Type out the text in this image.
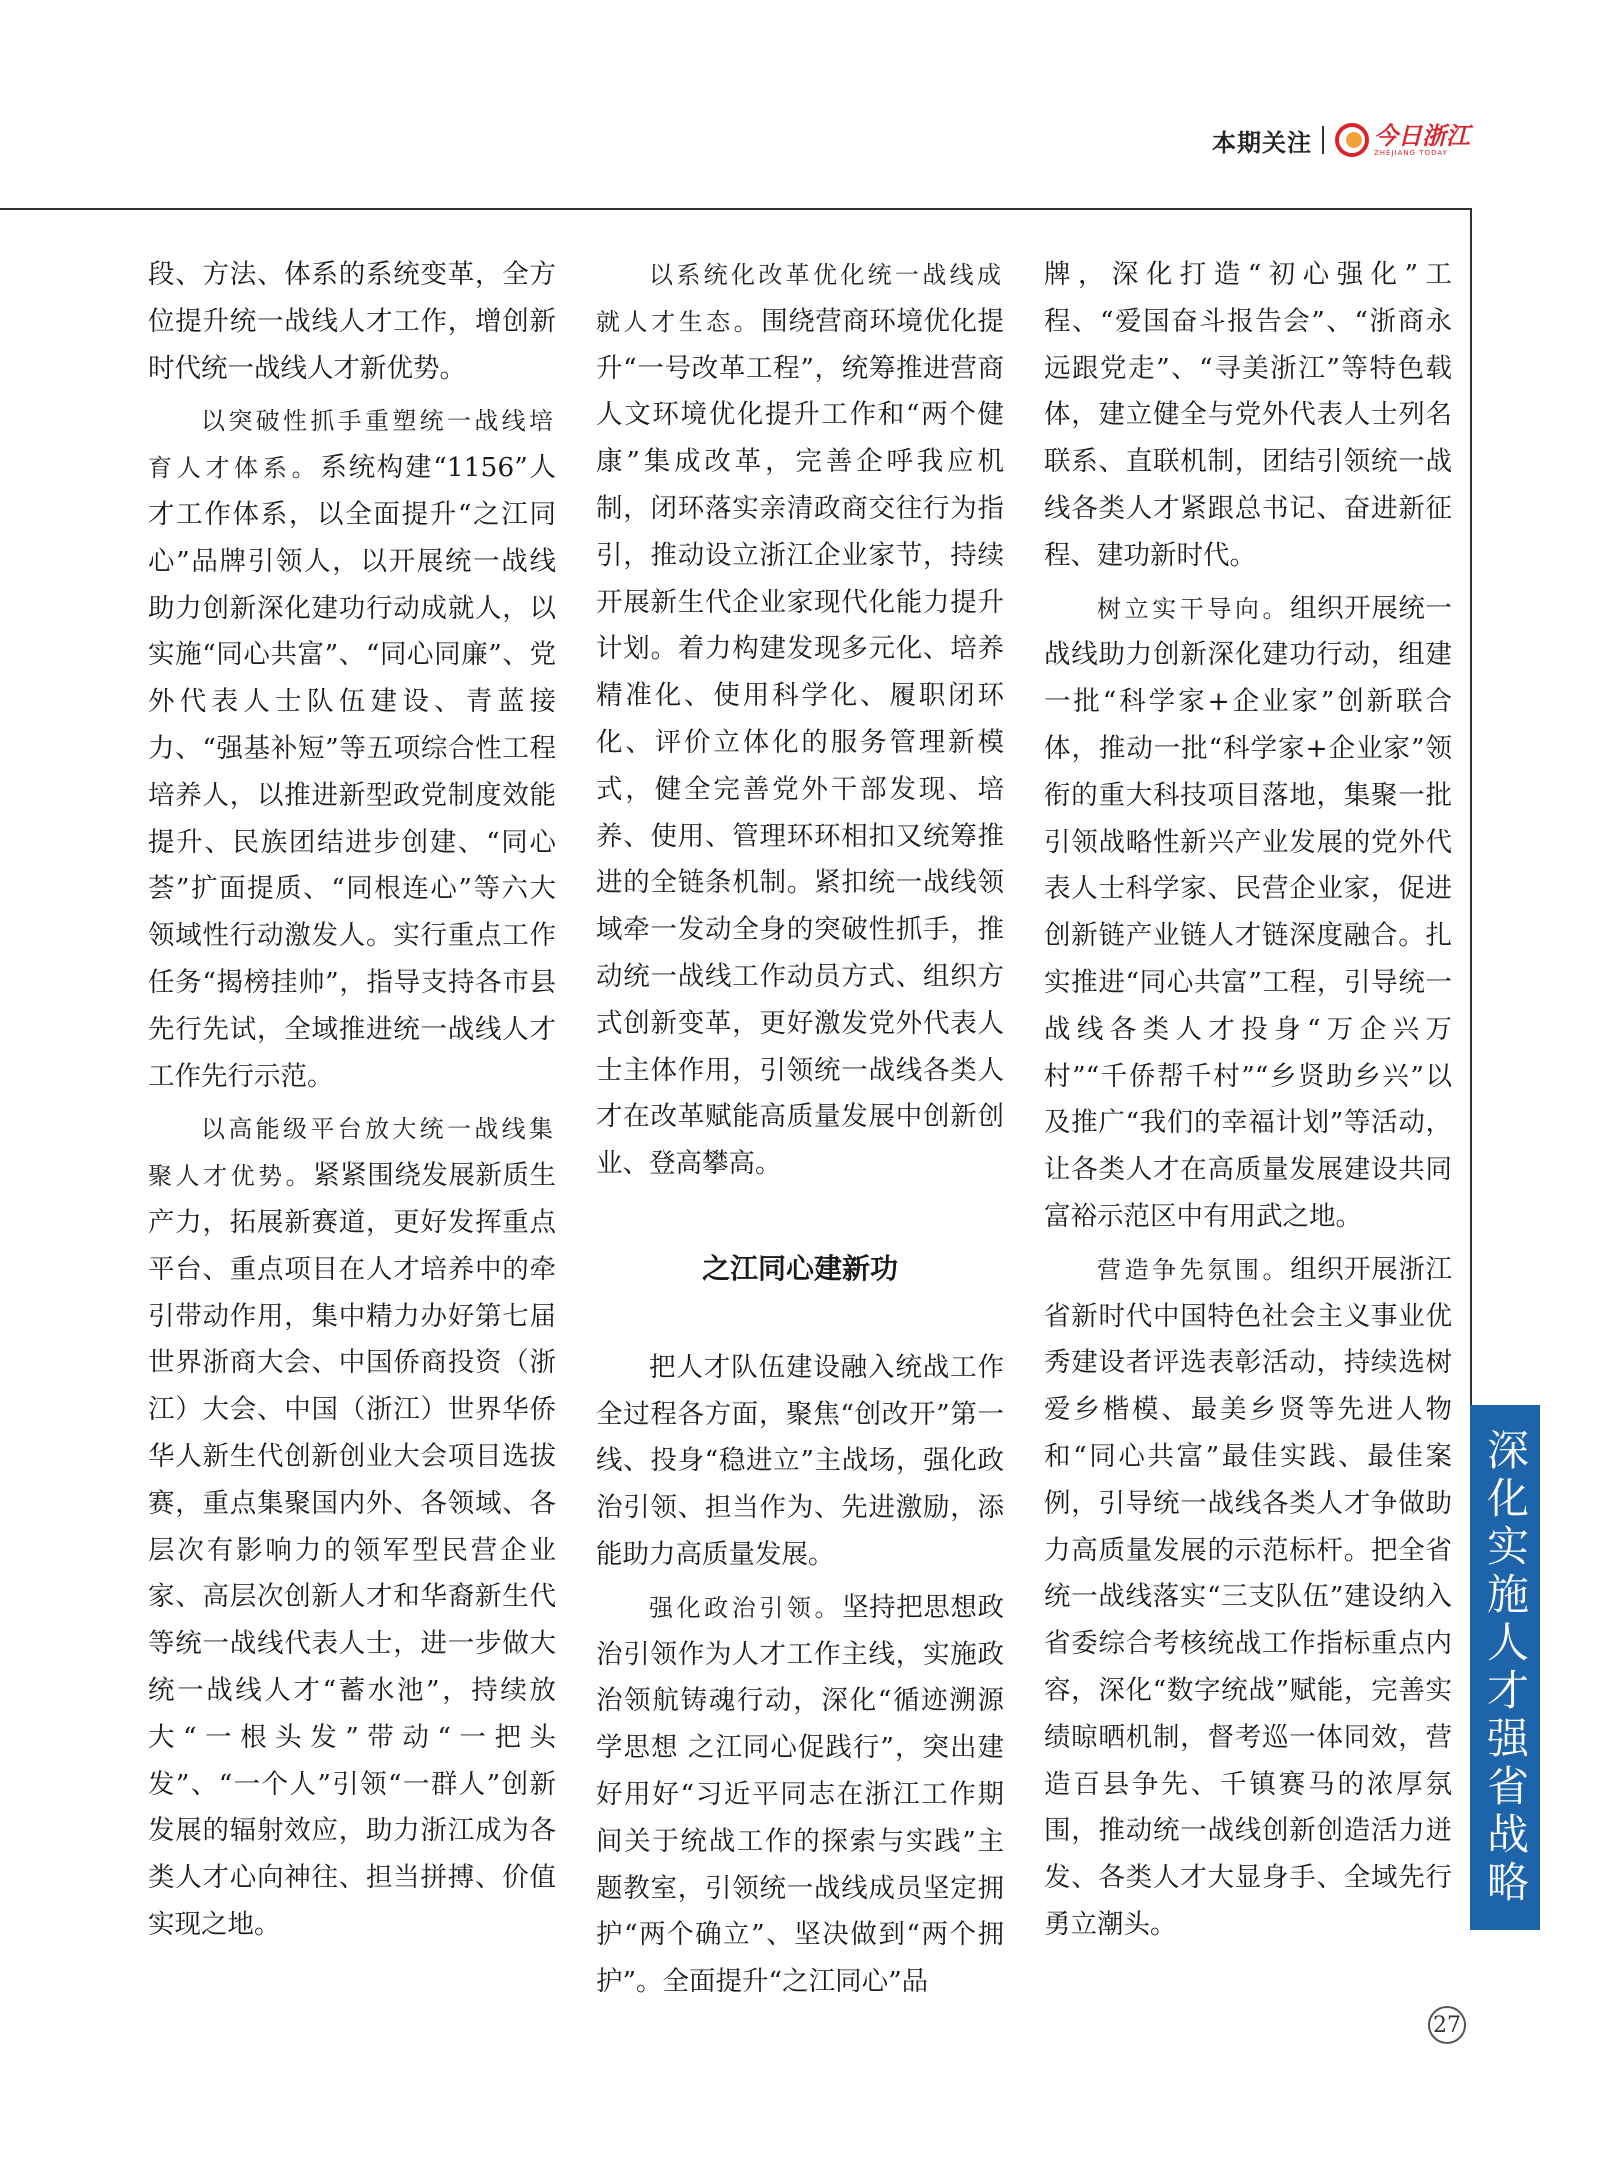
本期关注	今日浙江
ZHEJIANG TODAY

段、方法、体系的系统变革，全方位提升统一战线人才工作，增创新时代统一战线人才新优势。

以突破性抓手重塑统一战线培育人才体系。系统构建“1156”人才工作体系，以全面提升“之江同心”品牌引领人，以开展统一战线助力创新深化建功行动成就人，以实施“同心共富”、“同心同廉”、党外代表人士队伍建设、青蓝接力、“强基补短”等五项综合性工程培养人，以推进新型政党制度效能提升、民族团结进步创建、“同心荟”扩面提质、“同根连心”等六大领域性行动激发人。实行重点工作任务“揭榜挂帅”，指导支持各市县先行先试，全域推进统一战线人才工作先行示范。

以高能级平台放大统一战线集聚人才优势。紧紧围绕发展新质生产力，拓展新赛道，更好发挥重点平台、重点项目在人才培养中的牵引带动作用，集中精力办好第七届世界浙商大会、中国侨商投资（浙江）大会、中国（浙江）世界华侨华人新生代创新创业大会项目选拔赛，重点集聚国内外、各领域、各层次有影响力的领军型民营企业家、高层次创新人才和华裔新生代等统一战线代表人士，进一步做大统一战线人才“蓄水池”，持续放大“一根头发”带动“一把头发”、“一个人”引领“一群人”创新发展的辐射效应，助力浙江成为各类人才心向神往、担当拼搏、价值实现之地。

以系统化改革优化统一战线成就人才生态。围绕营商环境优化提升“一号改革工程”，统筹推进营商人文环境优化提升工作和“两个健康”集成改革，完善企呼我应机制，闭环落实亲清政商交往行为指引，推动设立浙江企业家节，持续开展新生代企业家现代化能力提升计划。着力构建发现多元化、培养精准化、使用科学化、履职闭环化、评价立体化的服务管理新模式，健全完善党外干部发现、培养、使用、管理环环相扣又统筹推进的全链条机制。紧扣统一战线领域牵一发动全身的突破性抓手，推动统一战线工作动员方式、组织方式创新变革，更好激发党外代表人士主体作用，引领统一战线各类人才在改革赋能高质量发展中创新创业、登高攀高。

之江同心建新功

把人才队伍建设融入统战工作全过程各方面，聚焦“创改开”第一线、投身“稳进立”主战场，强化政治引领、担当作为、先进激励，添能助力高质量发展。

强化政治引领。坚持把思想政治引领作为人才工作主线，实施政治领航铸魂行动，深化“循迹溯源学思想 之江同心促践行”，突出建好用好“习近平同志在浙江工作期间关于统战工作的探索与实践”主题教室，引领统一战线成员坚定拥护“两个确立”、坚决做到“两个拥护”。全面提升“之江同心”品

牌，深化打造“初心强化”工程、“爱国奋斗报告会”、“浙商永远跟党走”、“寻美浙江”等特色载体，建立健全与党外代表人士列名联系、直联机制，团结引领统一战线各类人才紧跟总书记、奋进新征程、建功新时代。

树立实干导向。组织开展统一战线助力创新深化建功行动，组建一批“科学家+企业家”创新联合体，推动一批“科学家+企业家”领衔的重大科技项目落地，集聚一批引领战略性新兴产业发展的党外代表人士科学家、民营企业家，促进创新链产业链人才链深度融合。扎实推进“同心共富”工程，引导统一战线各类人才投身“万企兴万村”“千侨帮千村”“乡贤助乡兴”以及推广“我们的幸福计划”等活动，让各类人才在高质量发展建设共同富裕示范区中有用武之地。

营造争先氛围。组织开展浙江省新时代中国特色社会主义事业优秀建设者评选表彰活动，持续选树爱乡楷模、最美乡贤等先进人物和“同心共富”最佳实践、最佳案例，引导统一战线各类人才争做助力高质量发展的示范标杆。把全省统一战线落实“三支队伍”建设纳入省委综合考核统战工作指标重点内容，深化“数字统战”赋能，完善实绩晾晒机制，督考巡一体同效，营造百县争先、千镇赛马的浓厚氛围，推动统一战线创新创造活力迸发、各类人才大显身手、全域先行勇立潮头。

深化实施人才强省战略
27
